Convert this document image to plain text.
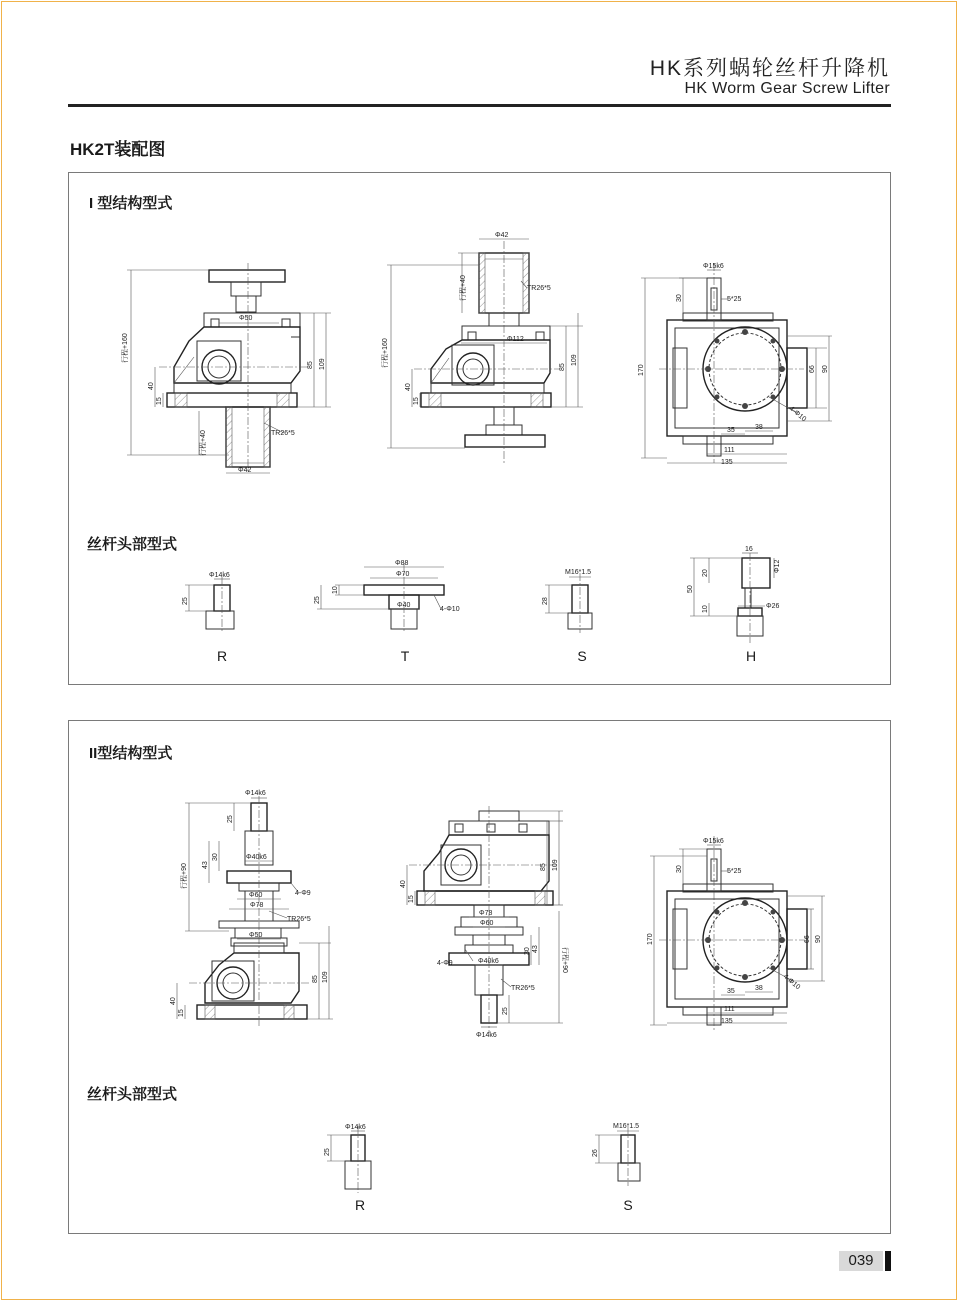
HK系列蜗轮丝杆升降机
HK Worm Gear Screw Lifter
HK2T装配图
I 型结构型式
行程+160
40
15
85 109
Φ50
Φ42
行程+40	TR26*5
Φ42
行程+40
行程+160
40
15
Φ112
85
109
TR26*5
Φ15k6
5*25
30
170	66 90
4-Φ10
35	38
111
135
Φ14k6
25
Φ88
Φ70
Φ40
4-Φ10
25
10
M16*1.5
28
16
20
50
10
Φ12
Φ26
丝杆头部型式
R	T	S	H
II型结构型式
Φ14k6
25
30
43
Φ40k6
4-Φ9
Φ60
Φ78
TR26*5
Φ50
行程+90
40
15
85 109
40
15
85 109
Φ78
Φ60
4-Φ9	Φ40k6
30 43
TR26*5
25
Φ14k6
行程+90
Φ15k6
5*25
30
170	66 90
4-Φ10
35	38
111
135
Φ14k6
25
M16*1.5
26
丝杆头部型式
R	S
039
